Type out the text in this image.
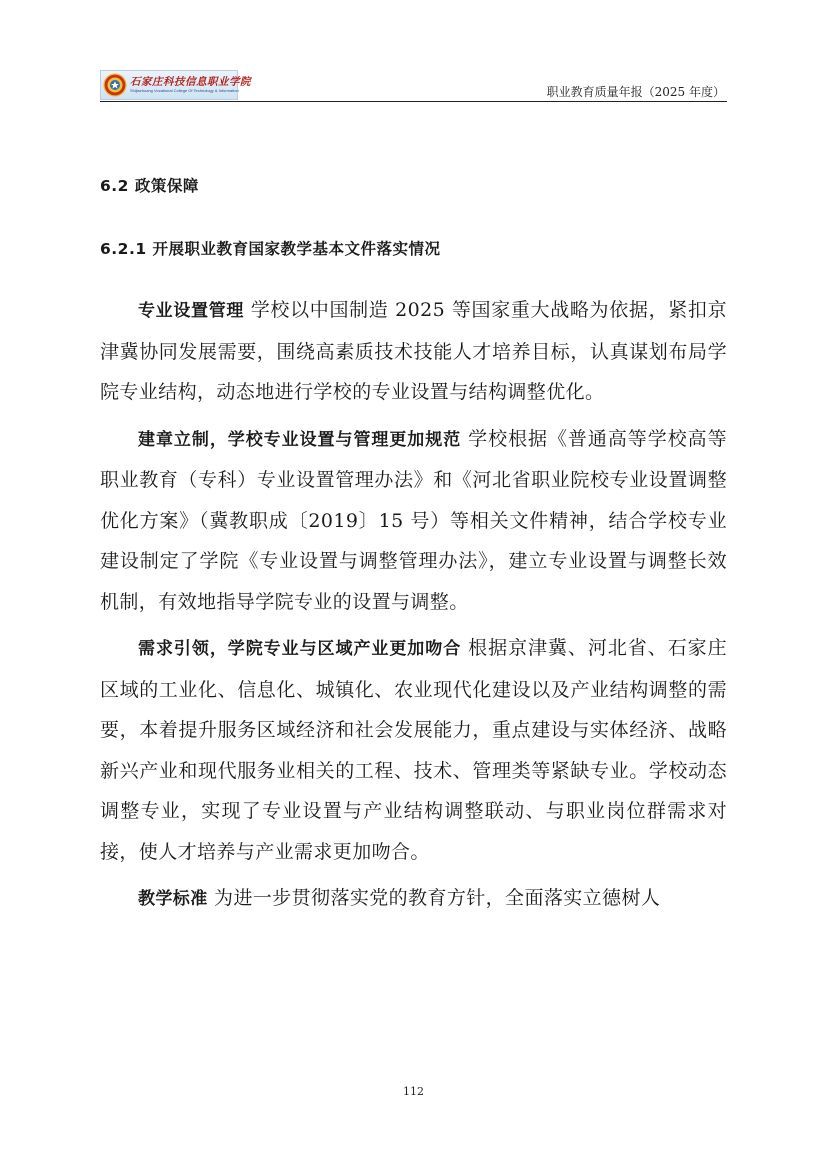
石家庄科技信息职业学院
Shijiazhuang Vocational College Of Technology & Information	职业教育质量年报（2025 年度）
6.2 政策保障
6.2.1 开展职业教育国家教学基本文件落实情况

专业设置管理 学校以中国制造 2025 等国家重大战略为依据，紧扣京津冀协同发展需要，围绕高素质技术技能人才培养目标，认真谋划布局学院专业结构，动态地进行学校的专业设置与结构调整优化。

建章立制，学校专业设置与管理更加规范 学校根据《普通高等学校高等职业教育（专科）专业设置管理办法》和《河北省职业院校专业设置调整优化方案》（冀教职成〔2019〕15 号）等相关文件精神，结合学校专业建设制定了学院《专业设置与调整管理办法》，建立专业设置与调整长效机制，有效地指导学院专业的设置与调整。

需求引领，学院专业与区域产业更加吻合 根据京津冀、河北省、石家庄区域的工业化、信息化、城镇化、农业现代化建设以及产业结构调整的需要，本着提升服务区域经济和社会发展能力，重点建设与实体经济、战略新兴产业和现代服务业相关的工程、技术、管理类等紧缺专业。学校动态调整专业，实现了专业设置与产业结构调整联动、与职业岗位群需求对接，使人才培养与产业需求更加吻合。

教学标准 为进一步贯彻落实党的教育方针，全面落实立德树人

112
